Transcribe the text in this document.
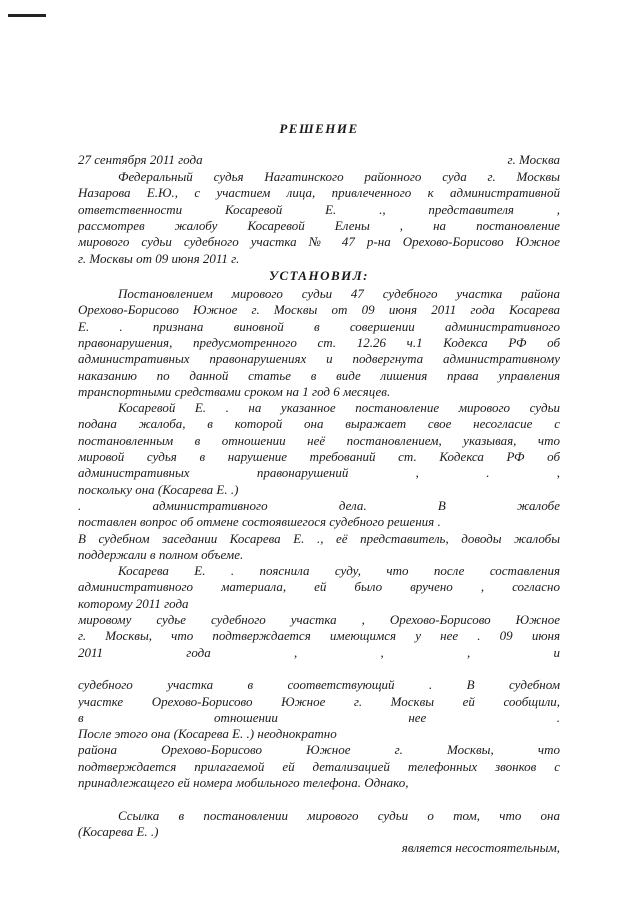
РЕШЕНИЕ
27 сентября 2011 года	г. Москва
Федеральный судья Нагатинского районного суда г. Москвы
Назарова Е.Ю., с участием лица, привлеченного к административной
ответственности Косаревой Е. ., представителя ,
рассмотрев жалобу Косаревой Елены , на постановление
мирового судьи судебного участка № 47 р-на Орехово-Борисово Южное
г. Москвы от 09 июня 2011 г.
УСТАНОВИЛ:
Постановлением мирового судьи 47 судебного участка района
Орехово-Борисово Южное г. Москвы от 09 июня 2011 года Косарева
Е. . признана виновной в совершении административного
правонарушения, предусмотренного ст. 12.26 ч.1 Кодекса РФ об
административных правонарушениях и подвергнута административному
наказанию по данной статье в виде лишения права управления
транспортными средствами сроком на 1 год 6 месяцев.
Косаревой Е. . на указанное постановление мирового судьи
подана жалоба, в которой она выражает свое несогласие с
постановленным в отношении неё постановлением, указывая, что
мировой судья в нарушение требований ст. Кодекса РФ об
административных правонарушений , . ,
поскольку она (Косарева Е. .)
. административного дела. В жалобе
поставлен вопрос об отмене состоявшегося судебного решения .
В судебном заседании Косарева Е. ., её представитель, доводы жалобы
поддержали в полном объеме.
Косарева Е. . пояснила суду, что после составления
административного материала, ей было вручено , согласно
которому 2011 года
мировому судье судебного участка , Орехово-Борисово Южное
г. Москвы, что подтверждается имеющимся у нее . 09 июня
2011 года , , , и
судебного участка в соответствующий . В судебном
участке Орехово-Борисово Южное г. Москвы ей сообщили,
в отношении нее .
После этого она (Косарева Е. .) неоднократно
района Орехово-Борисово Южное г. Москвы, что
подтверждается прилагаемой ей детализацией телефонных звонков с
принадлежащего ей номера мобильного телефона. Однако,
Ссылка в постановлении мирового судьи о том, что она
(Косарева Е. .)
является несостоятельным,
